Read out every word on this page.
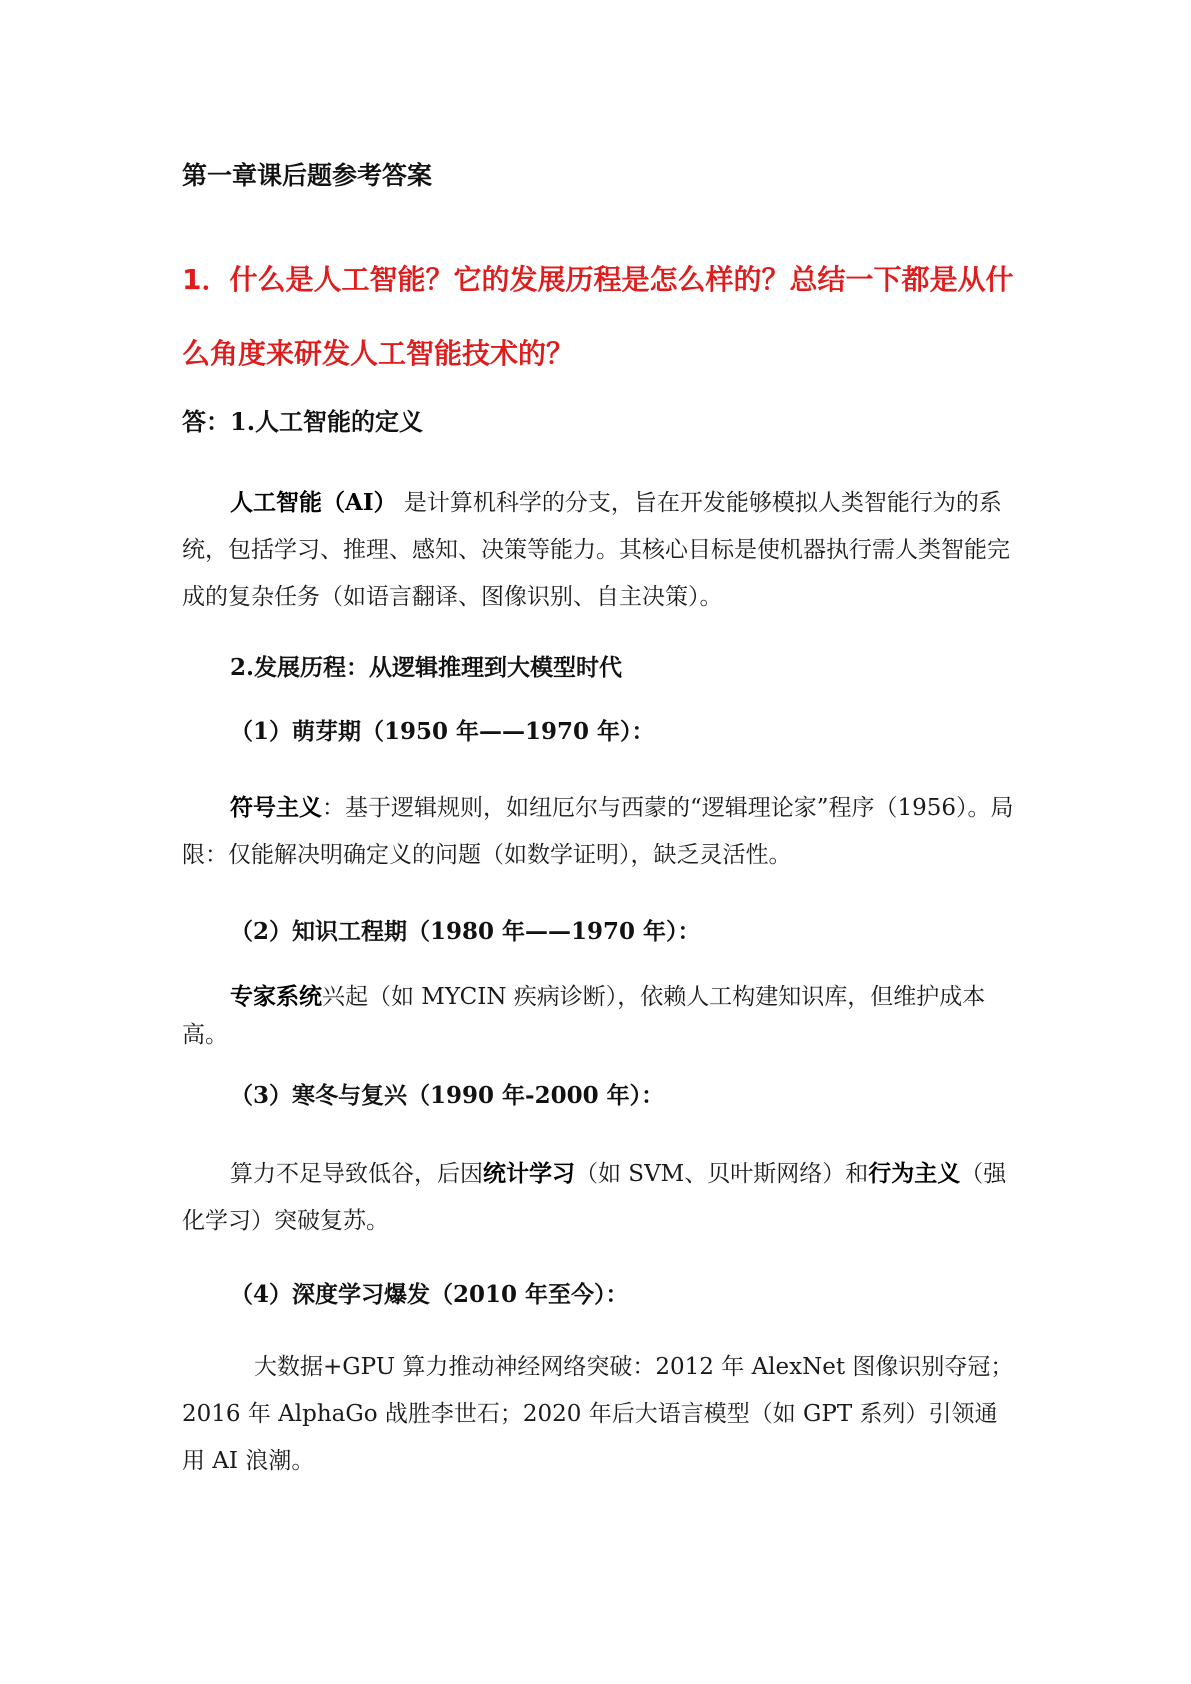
第一章课后题参考答案
1．什么是人工智能？它的发展历程是怎么样的？总结一下都是从什么角度来研发人工智能技术的？
答：1.人工智能的定义
人工智能（AI） 是计算机科学的分支，旨在开发能够模拟人类智能行为的系统，包括学习、推理、感知、决策等能力。其核心目标是使机器执行需人类智能完成的复杂任务（如语言翻译、图像识别、自主决策）。
2.发展历程：从逻辑推理到大模型时代
（1）萌芽期（1950 年——1970 年）：
符号主义：基于逻辑规则，如纽厄尔与西蒙的“逻辑理论家”程序（1956）。局限：仅能解决明确定义的问题（如数学证明），缺乏灵活性。
（2）知识工程期（1980 年——1970 年）：
专家系统兴起（如 MYCIN 疾病诊断），依赖人工构建知识库，但维护成本高。
（3）寒冬与复兴（1990 年-2000 年）：
算力不足导致低谷，后因统计学习（如 SVM、贝叶斯网络）和行为主义（强化学习）突破复苏。
（4）深度学习爆发（2010 年至今）：
大数据+GPU 算力推动神经网络突破：2012 年 AlexNet 图像识别夺冠；2016 年 AlphaGo 战胜李世石；2020 年后大语言模型（如 GPT 系列）引领通用 AI 浪潮。
